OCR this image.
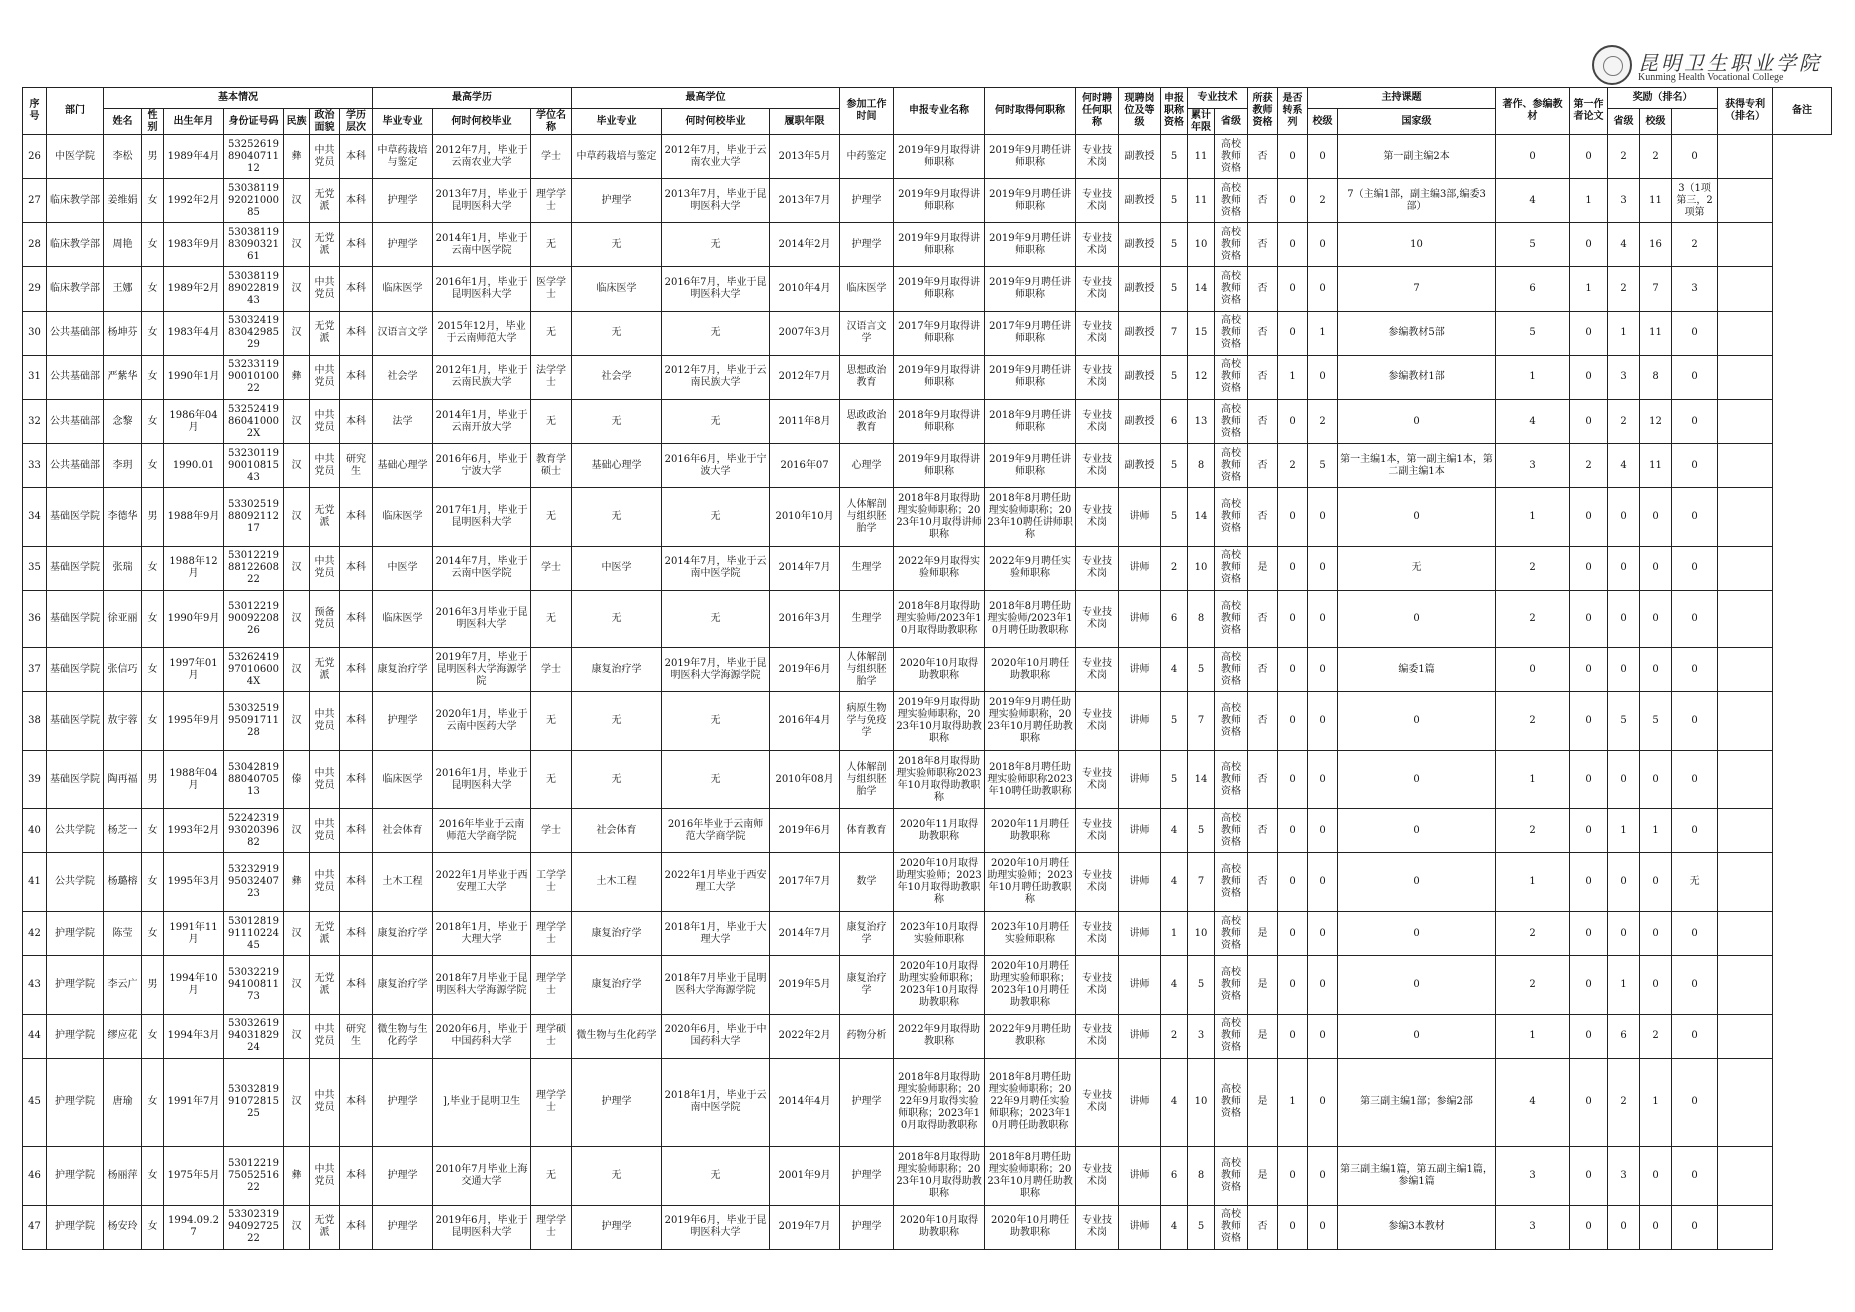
昆明卫生职业学院
Kunming Health Vocational College
序号	部门	基本情况							最高学历			最高学位			参加工作时间	申报专业名称	何时取得何职称	何时聘任何职称	现聘岗位及等级	申报职称资格	专业技术		所获教师资格	是否转系列	主持课题		著作、参编教材	第一作者论文	奖励（排名）			获得专利（排名）	备注
		姓名	性别	出生年月	身份证号码	民族	政治面貌	学历层次	毕业专业	何时何校毕业	学位名称	毕业专业	何时何校毕业	履职年限							累计年限	省级			校级	国家级			省级	校级			
26	中医学院	李松	男	1989年4月	532526198904071112	彝	中共党员	本科	中草药栽培与鉴定	2012年7月，毕业于云南农业大学	学士	中草药栽培与鉴定	2012年7月，毕业于云南农业大学	2013年5月	中药鉴定	2019年9月取得讲师职称	2019年9月聘任讲师职称	专业技术岗	副教授	5	11	高校教师资格	否	0	0	第一副主编2本	0	0	2	2	0		
27	临床教学部	姜维娟	女	1992年2月	530381199202100085	汉	无党派	本科	护理学	2013年7月，毕业于昆明医科大学	理学学士	护理学	2013年7月，毕业于昆明医科大学	2013年7月	护理学	2019年9月取得讲师职称	2019年9月聘任讲师职称	专业技术岗	副教授	5	11	高校教师资格	否	0	2	7（主编1部，副主编3部,编委3部）	4	1	3	11	3（1项第三，2项第		
28	临床教学部	周艳	女	1983年9月	530381198309032161	汉	无党派	本科	护理学	2014年1月，毕业于云南中医学院	无	无	无	2014年2月	护理学	2019年9月取得讲师职称	2019年9月聘任讲师职称	专业技术岗	副教授	5	10	高校教师资格	否	0	0	10	5	0	4	16	2		
29	临床教学部	王娜	女	1989年2月	530381198902281943	汉	中共党员	本科	临床医学	2016年1月，毕业于昆明医科大学	医学学士	临床医学	2016年7月，毕业于昆明医科大学	2010年4月	临床医学	2019年9月取得讲师职称	2019年9月聘任讲师职称	专业技术岗	副教授	5	14	高校教师资格	否	0	0	7	6	1	2	7	3		
30	公共基础部	杨坤芬	女	1983年4月	530324198304298529	汉	无党派	本科	汉语言文学	2015年12月，毕业于云南师范大学	无	无	无	2007年3月	汉语言文学	2017年9月取得讲师职称	2017年9月聘任讲师职称	专业技术岗	副教授	7	15	高校教师资格	否	0	1	参编教材5部	5	0	1	11	0		
31	公共基础部	严紫华	女	1990年1月	532331199001010022	彝	中共党员	本科	社会学	2012年1月，毕业于云南民族大学	法学学士	社会学	2012年7月，毕业于云南民族大学	2012年7月	思想政治教育	2019年9月取得讲师职称	2019年9月聘任讲师职称	专业技术岗	副教授	5	12	高校教师资格	否	1	0	参编教材1部	1	0	3	8	0		
32	公共基础部	念黎	女	1986年04月	53252419860410002X	汉	中共党员	本科	法学	2014年1月，毕业于云南开放大学	无	无	无	2011年8月	思政政治教育	2018年9月取得讲师职称	2018年9月聘任讲师职称	专业技术岗	副教授	6	13	高校教师资格	否	0	2	0	4	0	2	12	0		
33	公共基础部	李玥	女	1990.01	532301199001081543	汉	中共党员	研究生	基础心理学	2016年6月，毕业于宁波大学	教育学硕士	基础心理学	2016年6月，毕业于宁波大学	2016年07	心理学	2019年9月取得讲师职称	2019年9月聘任讲师职称	专业技术岗	副教授	5	8	高校教师资格	否	2	5	第一主编1本，第一副主编1本，第二副主编1本	3	2	4	11	0		
34	基础医学院	李德华	男	1988年9月	533025198809211217	汉	无党派	本科	临床医学	2017年1月，毕业于昆明医科大学	无	无	无	2010年10月	人体解剖与组织胚胎学	2018年8月取得助理实验师职称；2023年10月取得讲师职称	2018年8月聘任助理实验师职称；2023年10聘任讲师职称	专业技术岗	讲师	5	14	高校教师资格	否	0	0	0	1	0	0	0	0		
35	基础医学院	张瑞	女	1988年12月	530122198812260822	汉	中共党员	本科	中医学	2014年7月，毕业于云南中医学院	学士	中医学	2014年7月，毕业于云南中医学院	2014年7月	生理学	2022年9月取得实验师职称	2022年9月聘任实验师职称	专业技术岗	讲师	2	10	高校教师资格	是	0	0	无	2	0	0	0	0		
36	基础医学院	徐亚丽	女	1990年9月	530122199009220826	汉	预备党员	本科	临床医学	2016年3月毕业于昆明医科大学	无	无	无	2016年3月	生理学	2018年8月取得助理实验师/2023年10月取得助教职称	2018年8月聘任助理实验师/2023年10月聘任助教职称	专业技术岗	讲师	6	8	高校教师资格	否	0	0	0	2	0	0	0	0		
37	基础医学院	张信巧	女	1997年01月	53262419970106004X	汉	无党派	本科	康复治疗学	2019年7月，毕业于昆明医科大学海源学院	学士	康复治疗学	2019年7月，毕业于昆明医科大学海源学院	2019年6月	人体解剖与组织胚胎学	2020年10月取得助教职称	2020年10月聘任助教职称	专业技术岗	讲师	4	5	高校教师资格	否	0	0	编委1篇	0	0	0	0	0		
38	基础医学院	敖宇蓉	女	1995年9月	530325199509171128	汉	中共党员	本科	护理学	2020年1月，毕业于云南中医药大学	无	无	无	2016年4月	病原生物学与免疫学	2019年9月取得助理实验师职称，2023年10月取得助教职称	2019年9月聘任助理实验师职称，2023年10月聘任助教职称	专业技术岗	讲师	5	7	高校教师资格	否	0	0	0	2	0	5	5	0		
39	基础医学院	陶再福	男	1988年04月	530428198804070513	傣	中共党员	本科	临床医学	2016年1月，毕业于昆明医科大学	无	无	无	2010年08月	人体解剖与组织胚胎学	2018年8月取得助理实验师职称2023年10月取得助教职称	2018年8月聘任助理实验师职称2023年10聘任助教职称	专业技术岗	讲师	5	14	高校教师资格	否	0	0	0	1	0	0	0	0		
40	公共学院	杨芝一	女	1993年2月	522423199302039682	汉	中共党员	本科	社会体育	2016年毕业于云南师范大学商学院	学士	社会体育	2016年毕业于云南师范大学商学院	2019年6月	体育教育	2020年11月取得助教职称	2020年11月聘任助教职称	专业技术岗	讲师	4	5	高校教师资格	否	0	0	0	2	0	1	1	0		
41	公共学院	杨璐榕	女	1995年3月	532329199503240723	彝	中共党员	本科	土木工程	2022年1月毕业于西安理工大学	工学学士	土木工程	2022年1月毕业于西安理工大学	2017年7月	数学	2020年10月取得助理实验师；2023年10月取得助教职称	2020年10月聘任助理实验师；2023年10月聘任助教职称	专业技术岗	讲师	4	7	高校教师资格	否	0	0	0	1	0	0	0	无		
42	护理学院	陈莹	女	1991年11月	530128199111022445	汉	无党派	本科	康复治疗学	2018年1月，毕业于大理大学	理学学士	康复治疗学	2018年1月，毕业于大理大学	2014年7月	康复治疗学	2023年10月取得实验师职称	2023年10月聘任实验师职称	专业技术岗	讲师	1	10	高校教师资格	是	0	0	0	2	0	0	0	0		
43	护理学院	李云广	男	1994年10月	530322199410081173	汉	无党派	本科	康复治疗学	2018年7月毕业于昆明医科大学海源学院	理学学士	康复治疗学	2018年7月毕业于昆明医科大学海源学院	2019年5月	康复治疗学	2020年10月取得助理实验师职称；2023年10月取得助教职称	2020年10月聘任助理实验师职称；2023年10月聘任助教职称	专业技术岗	讲师	4	5	高校教师资格	是	0	0	0	2	0	1	0	0		
44	护理学院	缪应花	女	1994年3月	530326199403182924	汉	中共党员	研究生	微生物与生化药学	2020年6月，毕业于中国药科大学	理学硕士	微生物与生化药学	2020年6月，毕业于中国药科大学	2022年2月	药物分析	2022年9月取得助教职称	2022年9月聘任助教职称	专业技术岗	讲师	2	3	高校教师资格	是	0	0	0	1	0	6	2	0		
45	护理学院	唐瑜	女	1991年7月	530328199107281525	汉	中共党员	本科	护理学	],毕业于昆明卫生	理学学士	护理学	2018年1月，毕业于云南中医学院	2014年4月	护理学	2018年8月取得助理实验师职称；2022年9月取得实验师职称；2023年10月取得助教职称	2018年8月聘任助理实验师职称；2022年9月聘任实验师职称；2023年10月聘任助教职称	专业技术岗	讲师	4	10	高校教师资格	是	1	0	第三副主编1部；参编2部	4	0	2	1	0		
46	护理学院	杨丽萍	女	1975年5月	530122197505251622	彝	中共党员	本科	护理学	2010年7月毕业上海交通大学	无	无	无	2001年9月	护理学	2018年8月取得助理实验师职称；2023年10月取得助教职称	2018年8月聘任助理实验师职称；2023年10月聘任助教职称	专业技术岗	讲师	6	8	高校教师资格	是	0	0	第三副主编1篇，第五副主编1篇，参编1篇	3	0	3	0	0		
47	护理学院	杨安玲	女	1994.09.27	533023199409272522	汉	无党派	本科	护理学	2019年6月，毕业于昆明医科大学	理学学士	护理学	2019年6月，毕业于昆明医科大学	2019年7月	护理学	2020年10月取得助教职称	2020年10月聘任助教职称	专业技术岗	讲师	4	5	高校教师资格	否	0	0	参编3本教材	3	0	0	0	0		
